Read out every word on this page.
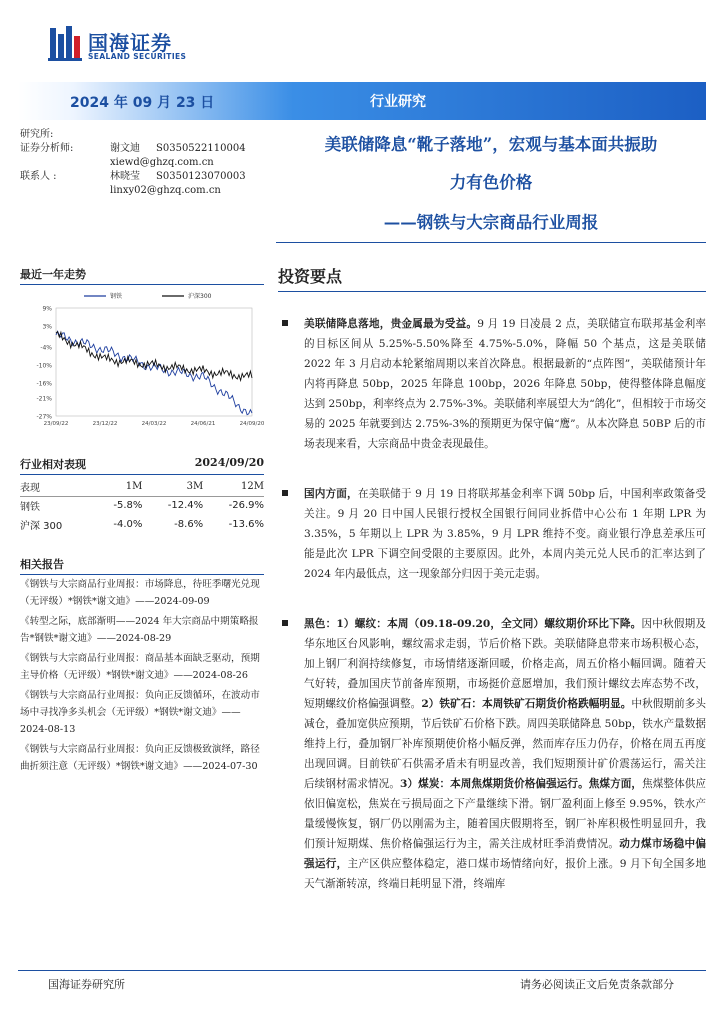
国海证券
SEALAND SECURITIES
2024 年 09 月 23 日	行业研究
研究所:
证券分析师:	谢文迪	S0350522110004
xiewd@ghzq.com.cn
联系人 :	林晓莹	S0350123070003
linxy02@ghzq.com.cn
最近一年走势
9%
3%
-4%
-10%
-16%
-21%
-27%
23/09/22	23/12/22	24/03/22	24/06/21	24/09/20
钢铁	沪深300
行业相对表现	2024/09/20
表现	1M	3M	12M
钢铁	-5.8%	-12.4%	-26.9%
沪深 300	-4.0%	-8.6%	-13.6%
相关报告

《钢铁与大宗商品行业周报：市场降息，待旺季曙光兑现（无评级）*钢铁*谢文迪》——2024-09-09

《转型之际，底部渐明——2024 年大宗商品中期策略报告*钢铁*谢文迪》——2024-08-29

《钢铁与大宗商品行业周报：商品基本面缺乏驱动，预期主导价格（无评级）*钢铁*谢文迪》——2024-08-26

《钢铁与大宗商品行业周报：负向正反馈循环，在波动市场中寻找净多头机会（无评级）*钢铁*谢文迪》——2024-08-13

《钢铁与大宗商品行业周报：负向正反馈极致演绎，路径曲折须注意（无评级）*钢铁*谢文迪》——2024-07-30

美联储降息“靴子落地”，宏观与基本面共振助
力有色价格
——钢铁与大宗商品行业周报
投资要点

美联储降息落地，贵金属最为受益。9 月 19 日凌晨 2 点，美联储宣布联邦基金利率的目标区间从 5.25%-5.50%降至 4.75%-5.0%，降幅 50 个基点，这是美联储 2022 年 3 月启动本轮紧缩周期以来首次降息。根据最新的“点阵图”，美联储预计年内将再降息 50bp，2025 年降息 100bp，2026 年降息 50bp，使得整体降息幅度达到 250bp，利率终点为 2.75%-3%。美联储利率展望大为“鸽化”，但相较于市场交易的 2025 年就要到达 2.75%-3%的预期更为保守偏“鹰”。从本次降息 50BP 后的市场表现来看，大宗商品中贵金表现最佳。

国内方面，在美联储于 9 月 19 日将联邦基金利率下调 50bp 后，中国利率政策备受关注。9 月 20 日中国人民银行授权全国银行间同业拆借中心公布 1 年期 LPR 为 3.35%，5 年期以上 LPR 为 3.85%，9 月 LPR 维持不变。商业银行净息差承压可能是此次 LPR 下调空间受限的主要原因。此外，本周内美元兑人民币的汇率达到了 2024 年内最低点，这一现象部分归因于美元走弱。

黑色：1）螺纹：本周（09.18-09.20，全文同）螺纹期价环比下降。因中秋假期及华东地区台风影响，螺纹需求走弱，节后价格下跌。美联储降息带来市场积极心态，加上钢厂利润持续修复，市场情绪逐渐回暖，价格走高，周五价格小幅回调。随着天气好转，叠加国庆节前备库预期，市场挺价意愿增加，我们预计螺纹去库态势不改，短期螺纹价格偏强调整。2）铁矿石：本周铁矿石期货价格跌幅明显。中秋假期前多头减仓，叠加宽供应预期，节后铁矿石价格下跌。周四美联储降息 50bp，铁水产量数据维持上行，叠加钢厂补库预期使价格小幅反弹，然而库存压力仍存，价格在周五再度出现回调。目前铁矿石供需矛盾未有明显改善，我们短期预计矿价震荡运行，需关注后续钢材需求情况。3）煤炭：本周焦煤期货价格偏强运行。焦煤方面，焦煤整体供应依旧偏宽松，焦炭在亏损局面之下产量继续下滑。钢厂盈利面上修至 9.95%，铁水产量缓慢恢复，钢厂仍以刚需为主，随着国庆假期将至，钢厂补库积极性明显回升，我们预计短期煤、焦价格偏强运行为主，需关注成材旺季消费情况。动力煤市场稳中偏强运行，主产区供应整体稳定，港口煤市场情绪向好，报价上涨。9 月下旬全国多地天气渐渐转凉，终端日耗明显下滑，终端库

国海证券研究所	请务必阅读正文后免责条款部分
